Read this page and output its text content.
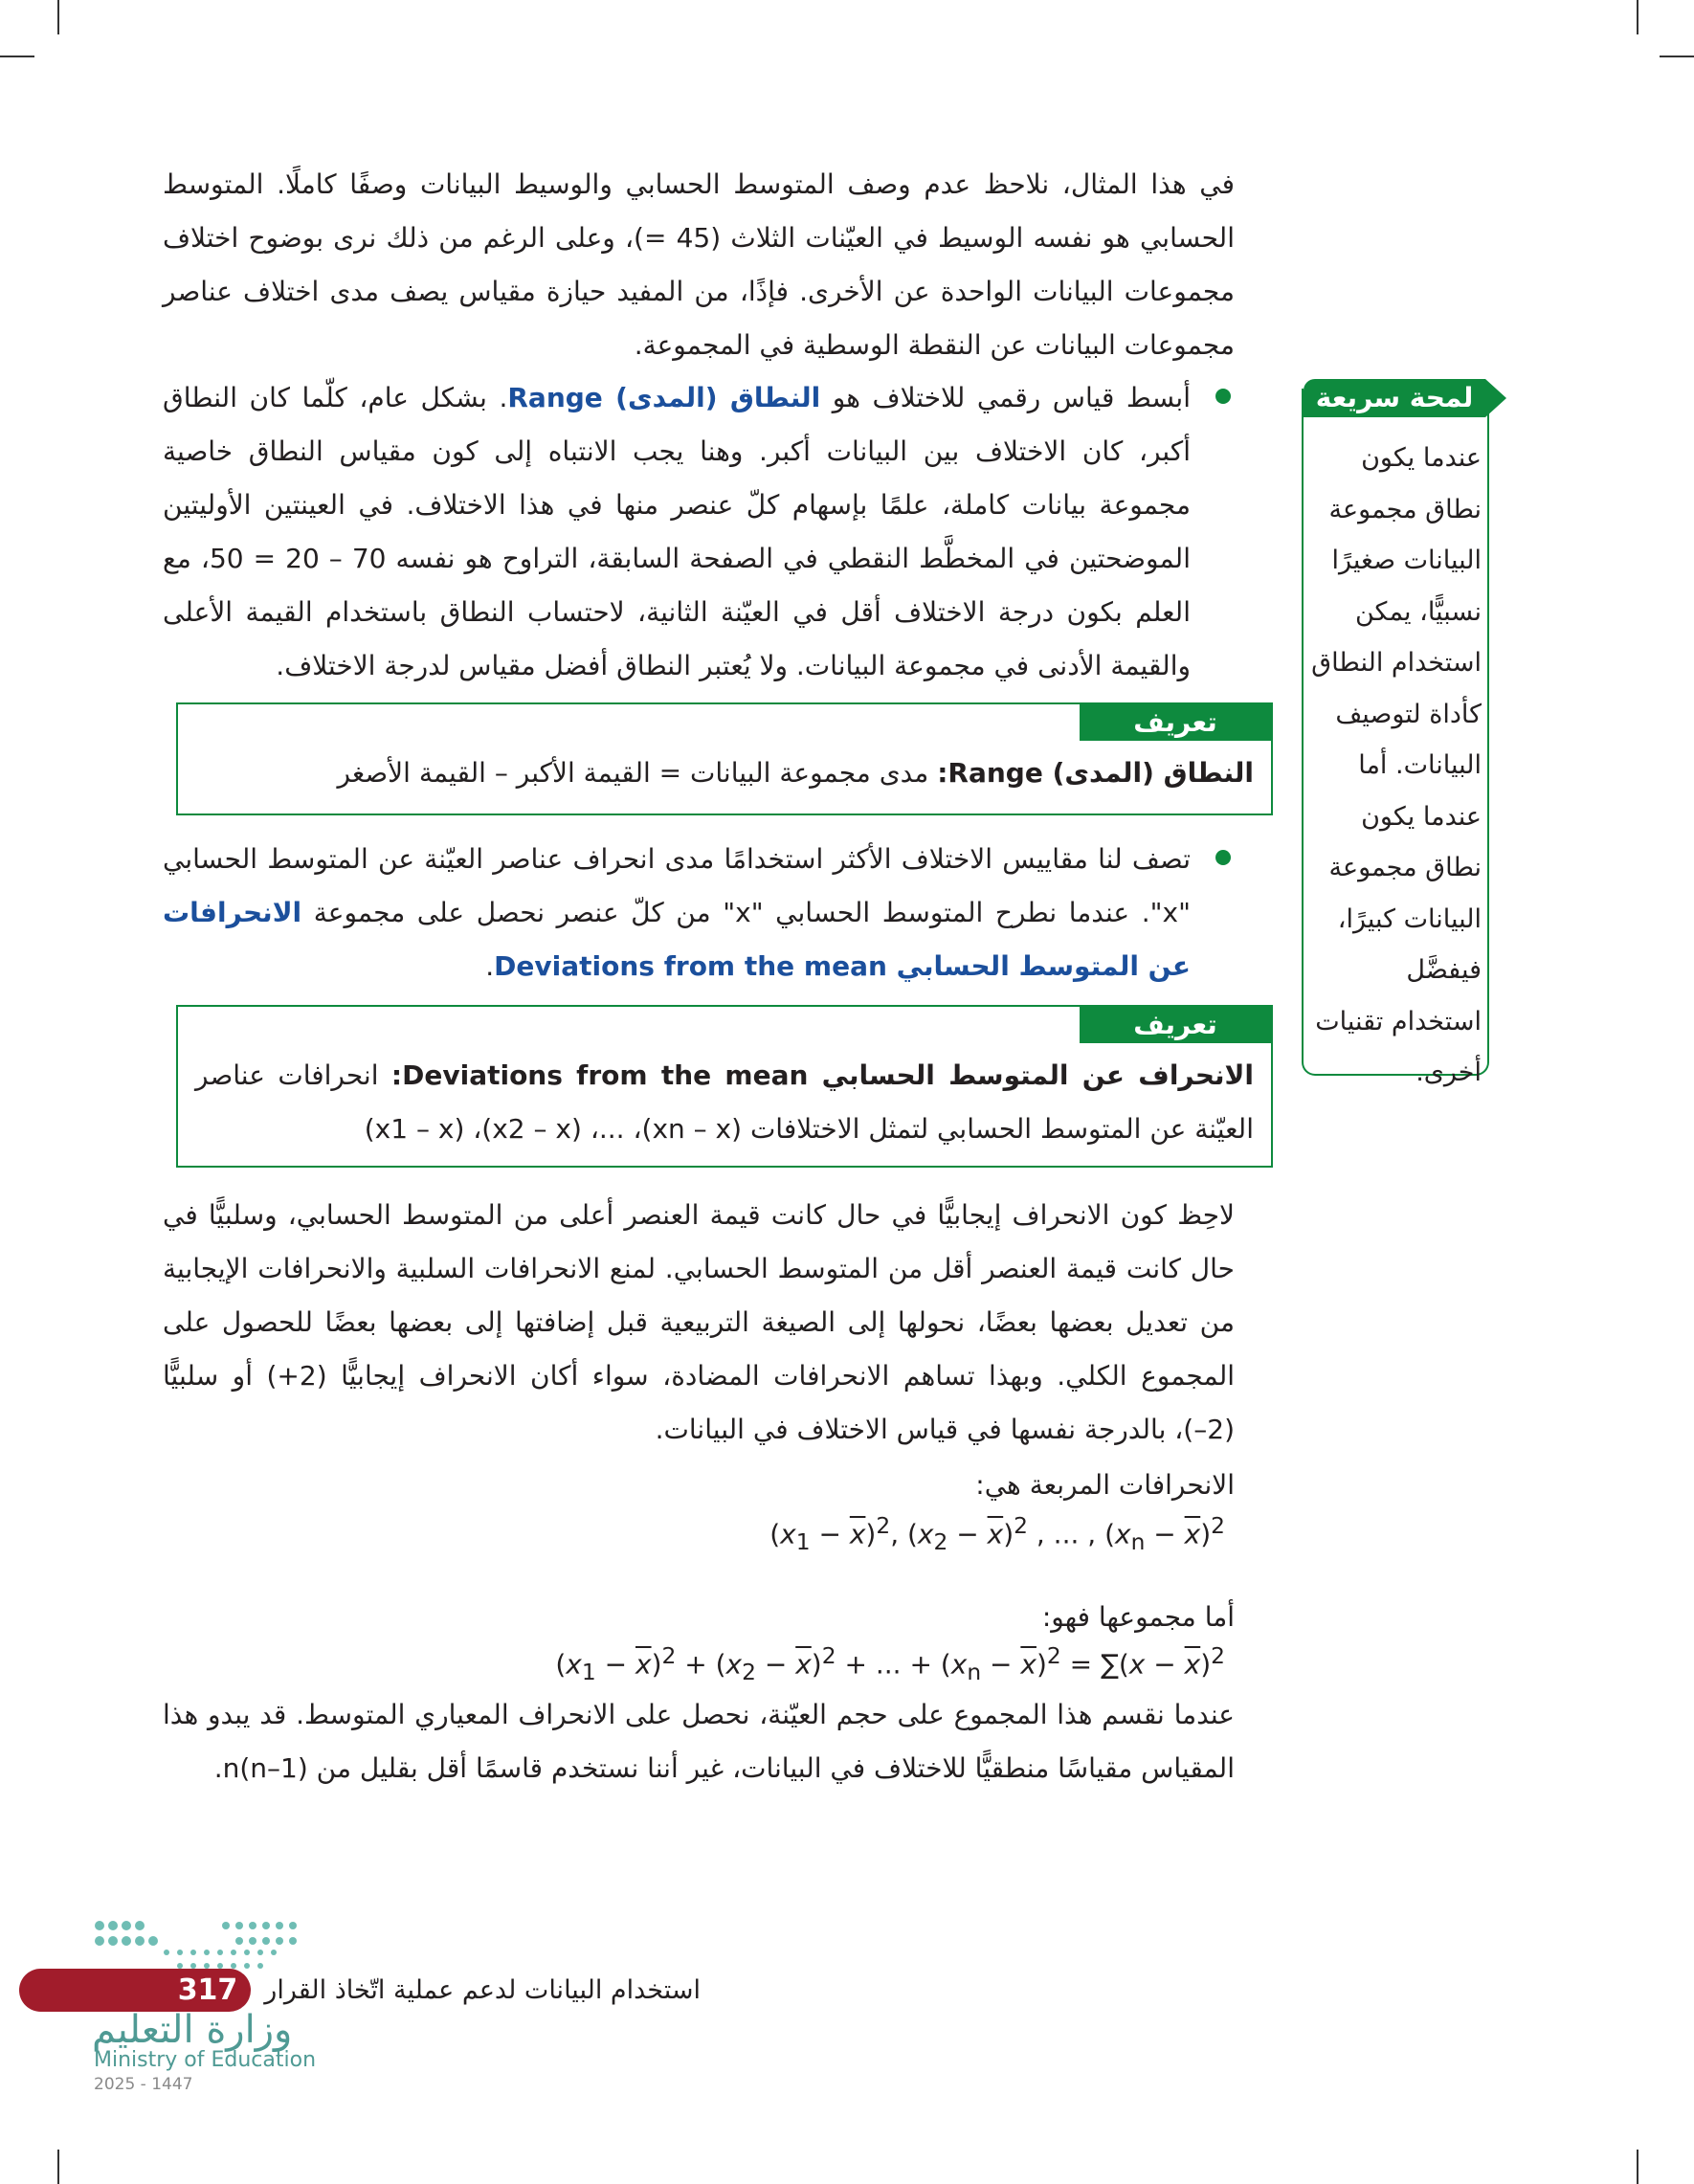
في هذا المثال، نلاحظ عدم وصف المتوسط الحسابي والوسيط البيانات وصفًا كاملًا. المتوسط الحسابي هو نفسه الوسيط في العيّنات الثلاث (45 =)، وعلى الرغم من ذلك نرى بوضوح اختلاف مجموعات البيانات الواحدة عن الأخرى. فإذًا، من المفيد حيازة مقياس يصف مدى اختلاف عناصر مجموعات البيانات عن النقطة الوسطية في المجموعة.

أبسط قياس رقمي للاختلاف هو النطاق (المدى) Range. بشكل عام، كلّما كان النطاق أكبر، كان الاختلاف بين البيانات أكبر. وهنا يجب الانتباه إلى كون مقياس النطاق خاصية مجموعة بيانات كاملة، علمًا بإسهام كلّ عنصر منها في هذا الاختلاف. في العينتين الأوليتين الموضحتين في المخطَّط النقطي في الصفحة السابقة، التراوح هو نفسه 70 – 20 = 50، مع العلم بكون درجة الاختلاف أقل في العيّنة الثانية، لاحتساب النطاق باستخدام القيمة الأعلى والقيمة الأدنى في مجموعة البيانات. ولا يُعتبر النطاق أفضل مقياس لدرجة الاختلاف.
تعريف
النطاق (المدى) Range: مدى مجموعة البيانات = القيمة الأكبر – القيمة الأصغر
تصف لنا مقاييس الاختلاف الأكثر استخدامًا مدى انحراف عناصر العيّنة عن المتوسط الحسابي "x". عندما نطرح المتوسط الحسابي "x" من كلّ عنصر نحصل على مجموعة الانحرافات عن المتوسط الحسابي Deviations from the mean.
تعريف
الانحراف عن المتوسط الحسابي Deviations from the mean: انحرافات عناصر العيّنة عن المتوسط الحسابي لتمثل الاختلافات (xn – x)، ...، (x2 – x)، (x1 – x)

لاحِظ كون الانحراف إيجابيًّا في حال كانت قيمة العنصر أعلى من المتوسط الحسابي، وسلبيًّا في حال كانت قيمة العنصر أقل من المتوسط الحسابي. لمنع الانحرافات السلبية والانحرافات الإيجابية من تعديل بعضها بعضًا، نحولها إلى الصيغة التربيعية قبل إضافتها إلى بعضها بعضًا للحصول على المجموع الكلي. وبهذا تساهم الانحرافات المضادة، سواء أكان الانحراف إيجابيًّا (2+) أو سلبيًّا (2–)، بالدرجة نفسها في قياس الاختلاف في البيانات.

الانحرافات المربعة هي:

$(x_1 - \overline{x})^2$, $(x_2 - \overline{x})^2$ , ... , $(x_n - \overline{x})^2$

أما مجموعها فهو:

$(x_1 - \overline{x})^2 + (x_2 - \overline{x})^2$ + ... + $(x_n - \overline{x})^2 = \sum(x - \overline{x})^2$

عندما نقسم هذا المجموع على حجم العيّنة، نحصل على الانحراف المعياري المتوسط. قد يبدو هذا المقياس مقياسًا منطقيًّا للاختلاف في البيانات، غير أننا نستخدم قاسمًا أقل بقليل من n(n–1).

لمحة سريعة
عندما يكون نطاق مجموعة البيانات صغيرًا نسبيًّا، يمكن استخدام النطاق كأداة لتوصيف البيانات. أما عندما يكون نطاق مجموعة البيانات كبيرًا، فيفضَّل استخدام تقنيات أخرى.
317	استخدام البيانات لدعم عملية اتّخاذ القرار
وزارة التعليم
Ministry of Education
2025 - 1447
